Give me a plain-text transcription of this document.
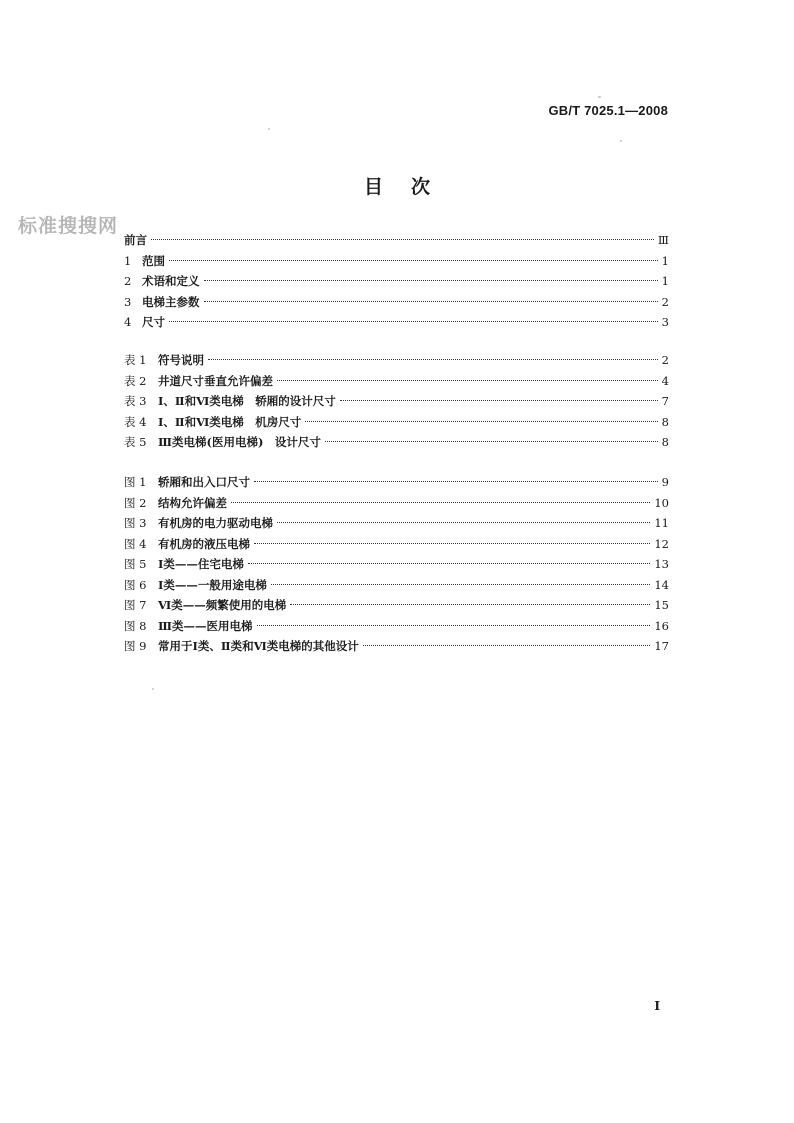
GB/T 7025.1—2008
标准搜搜网
目次
前言	Ⅲ
1 范围	1
2 术语和定义	1
3 电梯主参数	2
4 尺寸	3
表 1 符号说明	2
表 2 井道尺寸垂直允许偏差	4
表 3 Ⅰ、Ⅱ和Ⅵ类电梯　轿厢的设计尺寸	7
表 4 Ⅰ、Ⅱ和Ⅵ类电梯　机房尺寸	8
表 5 Ⅲ类电梯(医用电梯)　设计尺寸	8
图 1 轿厢和出入口尺寸	9
图 2 结构允许偏差	10
图 3 有机房的电力驱动电梯	11
图 4 有机房的液压电梯	12
图 5 Ⅰ类——住宅电梯	13
图 6 Ⅰ类——一般用途电梯	14
图 7 Ⅵ类——频繁使用的电梯	15
图 8 Ⅲ类——医用电梯	16
图 9 常用于Ⅰ类、Ⅱ类和Ⅵ类电梯的其他设计	17
I
